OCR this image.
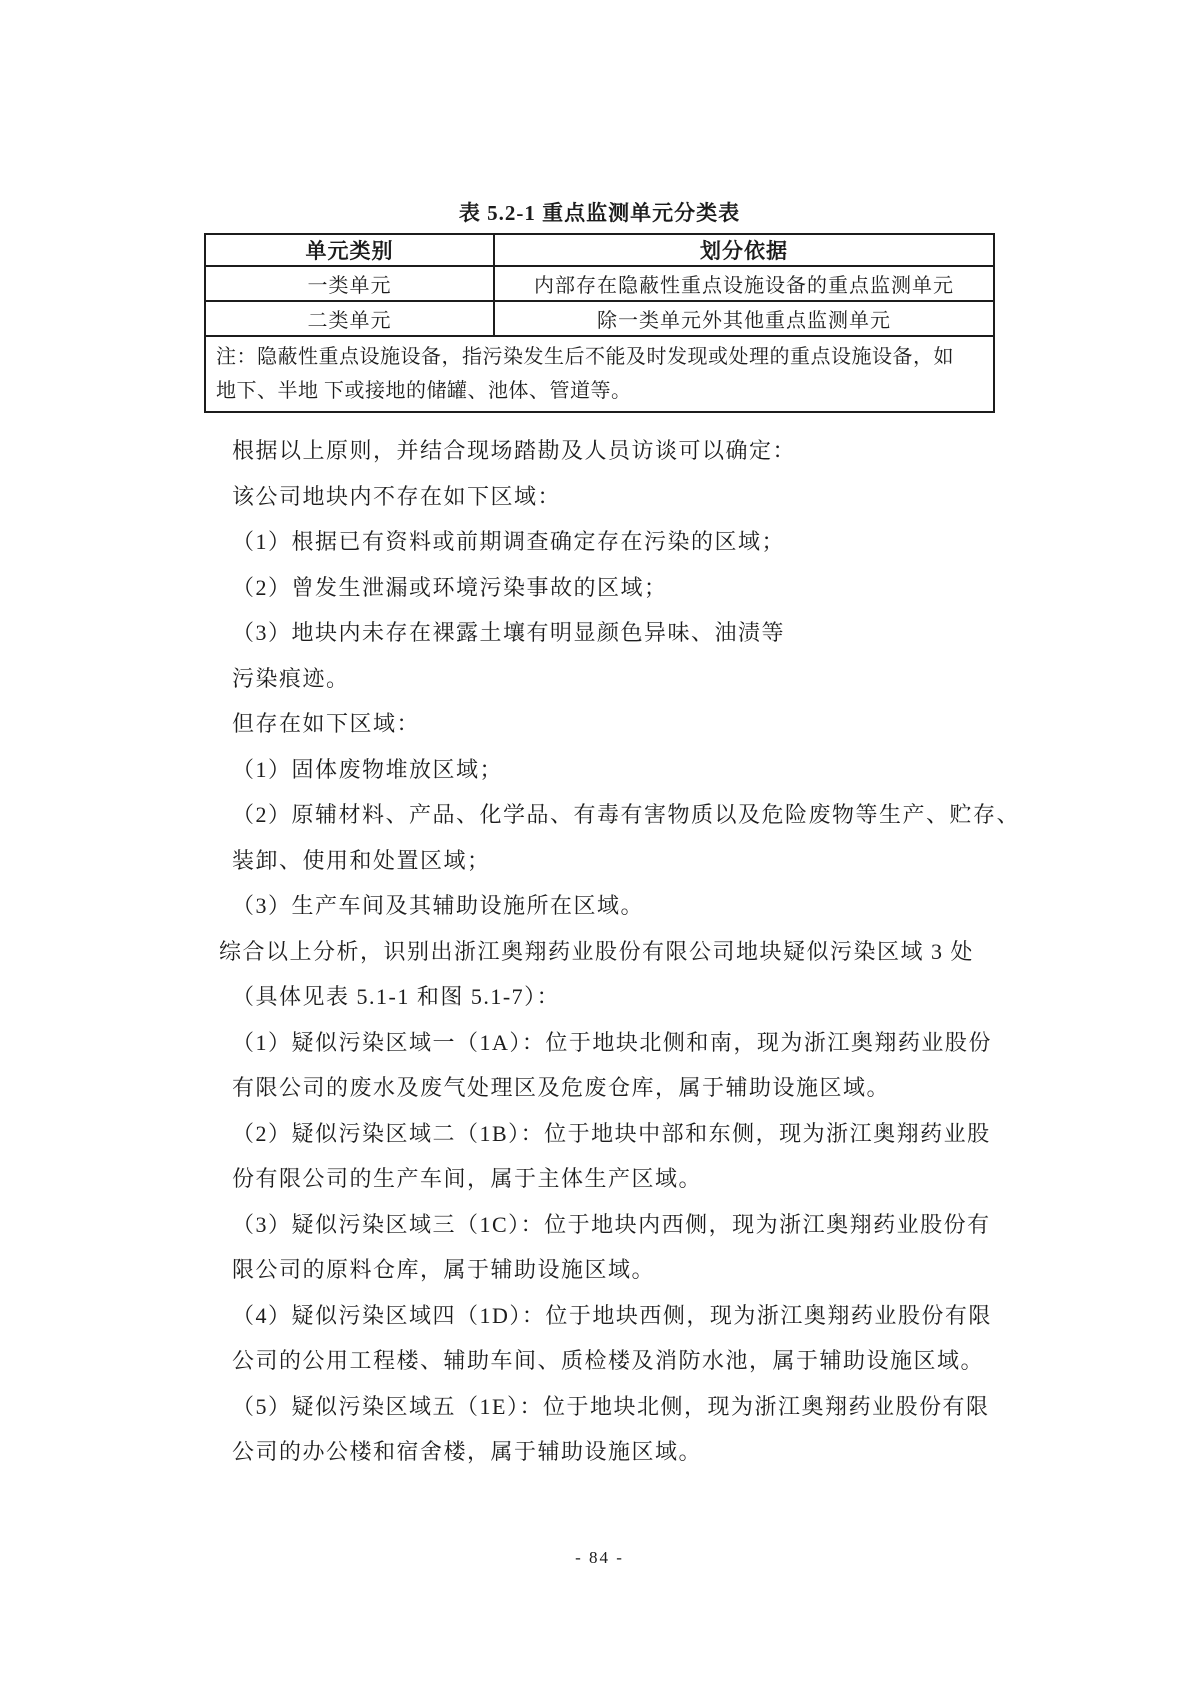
表 5.2-1 重点监测单元分类表
单元类别	划分依据
一类单元	内部存在隐蔽性重点设施设备的重点监测单元
二类单元	除一类单元外其他重点监测单元

注：隐蔽性重点设施设备，指污染发生后不能及时发现或处理的重点设施设备，如
地下、半地 下或接地的储罐、池体、管道等。	
根据以上原则，并结合现场踏勘及人员访谈可以确定：
该公司地块内不存在如下区域：
（1）根据已有资料或前期调查确定存在污染的区域；
（2）曾发生泄漏或环境污染事故的区域；
（3）地块内未存在裸露土壤有明显颜色异味、油渍等
污染痕迹。
但存在如下区域：
（1）固体废物堆放区域；
（2）原辅材料、产品、化学品、有毒有害物质以及危险废物等生产、贮存、
装卸、使用和处置区域；
（3）生产车间及其辅助设施所在区域。
综合以上分析，识别出浙江奥翔药业股份有限公司地块疑似污染区域 3 处
（具体见表 5.1-1 和图 5.1-7）：
（1）疑似污染区域一（1A）：位于地块北侧和南，现为浙江奥翔药业股份
有限公司的废水及废气处理区及危废仓库，属于辅助设施区域。
（2）疑似污染区域二（1B）：位于地块中部和东侧，现为浙江奥翔药业股
份有限公司的生产车间，属于主体生产区域。
（3）疑似污染区域三（1C）：位于地块内西侧，现为浙江奥翔药业股份有
限公司的原料仓库，属于辅助设施区域。
（4）疑似污染区域四（1D）：位于地块西侧，现为浙江奥翔药业股份有限
公司的公用工程楼、辅助车间、质检楼及消防水池，属于辅助设施区域。
（5）疑似污染区域五（1E）：位于地块北侧，现为浙江奥翔药业股份有限
公司的办公楼和宿舍楼，属于辅助设施区域。
- 84 -
